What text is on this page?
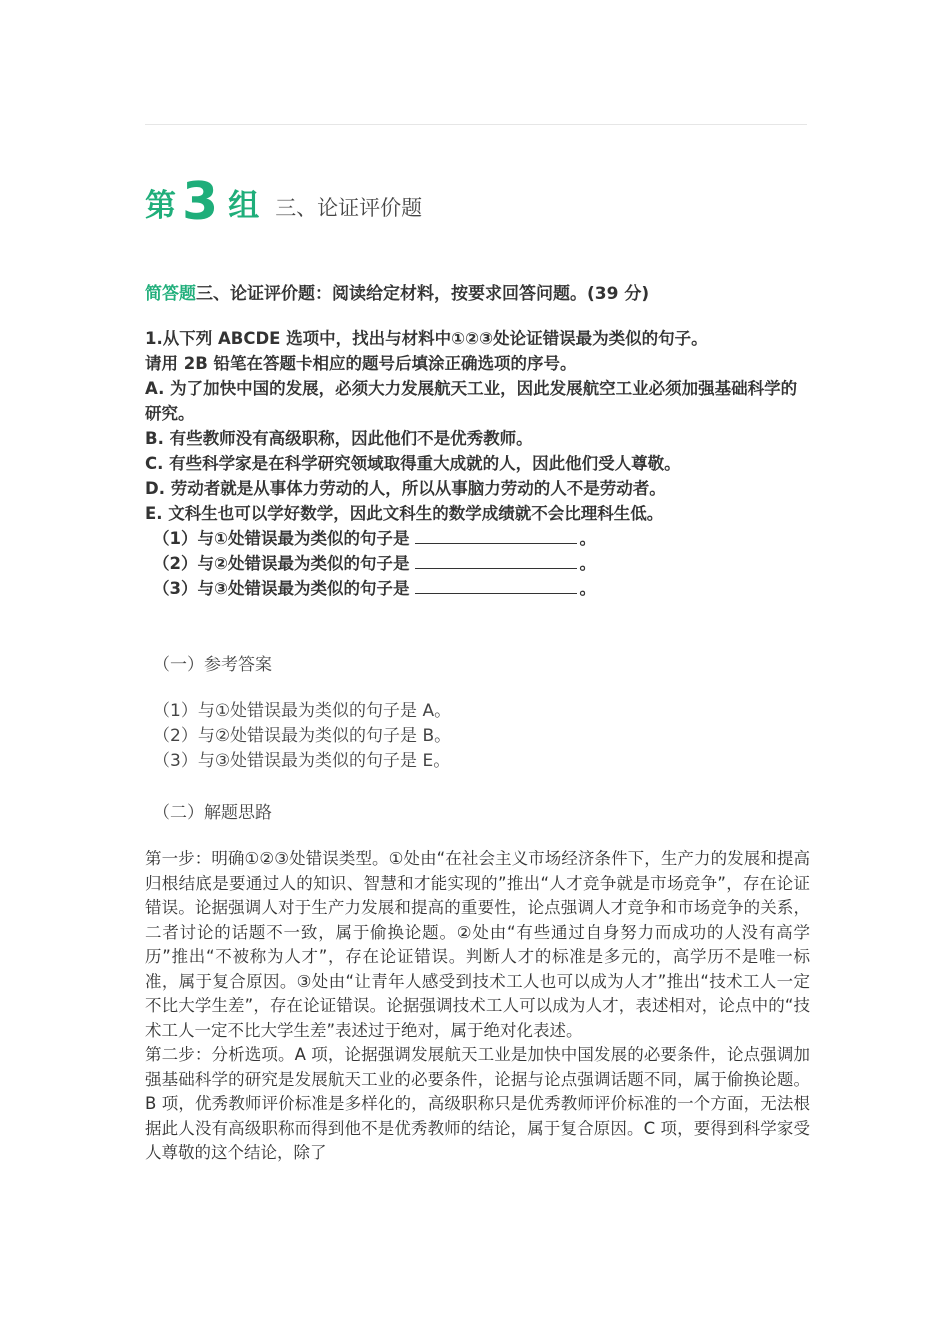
第 3 组 三、论证评价题
简答题三、论证评价题：阅读给定材料，按要求回答问题。(39 分)

1.从下列 ABCDE 选项中，找出与材料中①②③处论证错误最为类似的句子。

请用 2B 铅笔在答题卡相应的题号后填涂正确选项的序号。

A. 为了加快中国的发展，必须大力发展航天工业，因此发展航空工业必须加强基础科学的研究。

B. 有些教师没有高级职称，因此他们不是优秀教师。

C. 有些科学家是在科学研究领域取得重大成就的人，因此他们受人尊敬。

D. 劳动者就是从事体力劳动的人，所以从事脑力劳动的人不是劳动者。

E. 文科生也可以学好数学，因此文科生的数学成绩就不会比理科生低。

（1）与①处错误最为类似的句子是	。

（2）与②处错误最为类似的句子是	。

（3）与③处错误最为类似的句子是	。

（一）参考答案

（1）与①处错误最为类似的句子是 A。

（2）与②处错误最为类似的句子是 B。

（3）与③处错误最为类似的句子是 E。

（二）解题思路

第一步：明确①②③处错误类型。①处由“在社会主义市场经济条件下，生产力的发展和提高归根结底是要通过人的知识、智慧和才能实现的”推出“人才竞争就是市场竞争”，存在论证错误。论据强调人对于生产力发展和提高的重要性，论点强调人才竞争和市场竞争的关系，二者讨论的话题不一致，属于偷换论题。②处由“有些通过自身努力而成功的人没有高学历”推出“不被称为人才”，存在论证错误。判断人才的标准是多元的，高学历不是唯一标准，属于复合原因。③处由“让青年人感受到技术工人也可以成为人才”推出“技术工人一定不比大学生差”，存在论证错误。论据强调技术工人可以成为人才，表述相对，论点中的“技术工人一定不比大学生差”表述过于绝对，属于绝对化表述。

第二步：分析选项。A 项，论据强调发展航天工业是加快中国发展的必要条件，论点强调加强基础科学的研究是发展航天工业的必要条件，论据与论点强调话题不同，属于偷换论题。B 项，优秀教师评价标准是多样化的，高级职称只是优秀教师评价标准的一个方面，无法根据此人没有高级职称而得到他不是优秀教师的结论，属于复合原因。C 项，要得到科学家受人尊敬的这个结论，除了
